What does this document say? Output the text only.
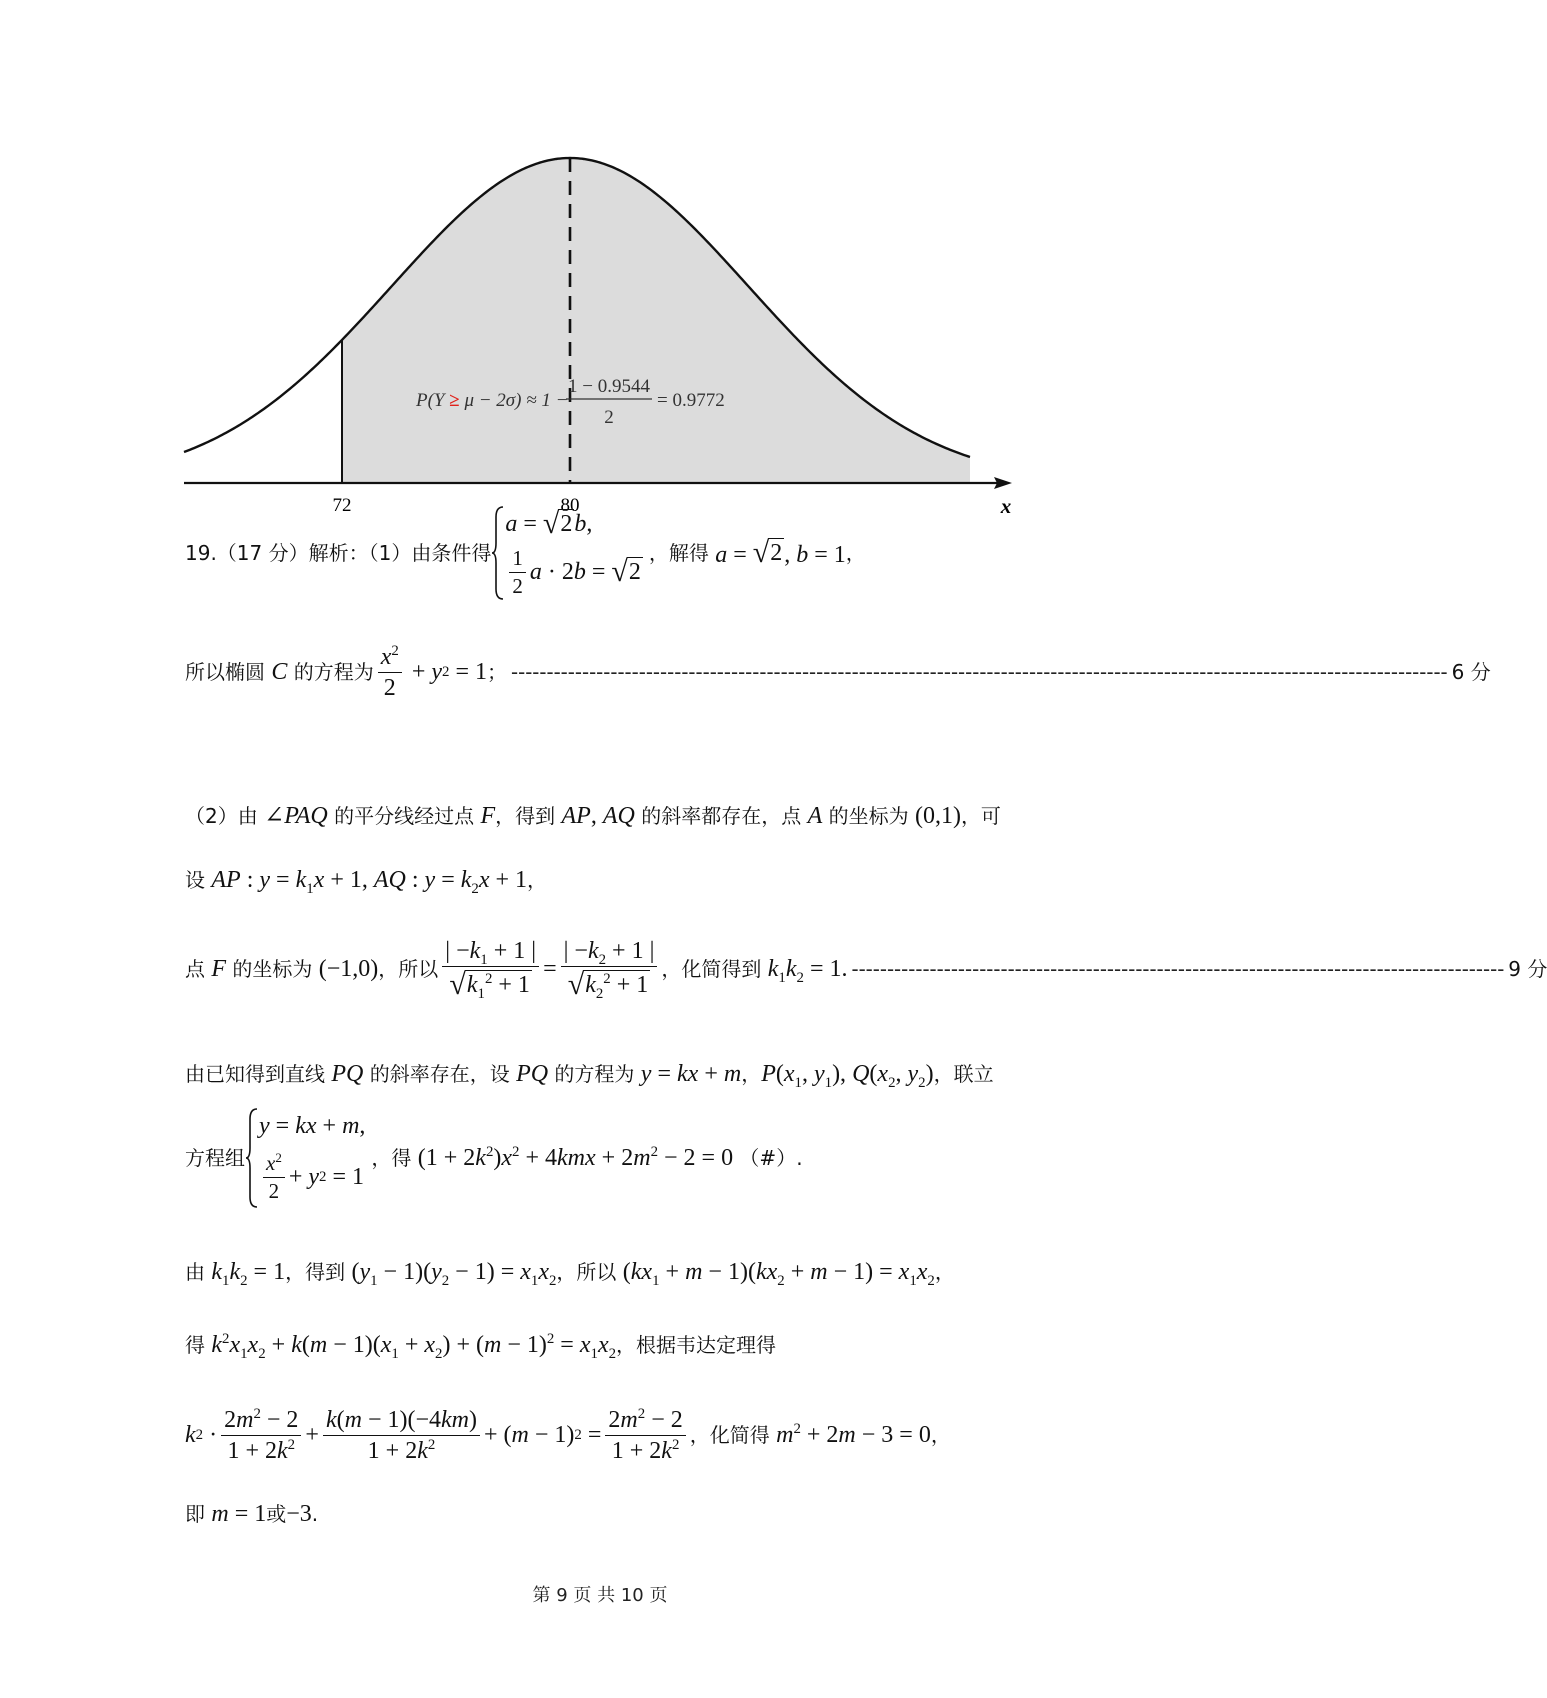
72	80	x
P(Y ≥ μ − 2σ) ≈ 1 −
1 − 0.9544
2
= 0.9772
19.（17 分）解析：（1）由条件得
a = √ 2 b ,
$\frac{1}{2}$ a · 2 b = √ 2
，解得 a = √ 2 , b = 1 ，
所以椭圆 C 的方程为 $\frac{x^2}{2} + y$ 2 = 1 ； ------------------------------------------------------------------------------------------------------------------------------------ 6 分
（2）由 ∠PAQ 的平分线经过点 F ，得到 AP, AQ 的斜率都存在，点 A 的坐标为 (0,1) ，可
设 AP : $y = k_1x + 1$, AQ : $y = k_2x + 1$ ，
点 F 的坐标为 (−1,0) ，所以 $\frac{| -k_1 + 1 |}{√ k_1^2 + 1} = \frac{| -k_2 + 1 |}{√ k_2^2 + 1}$ ，化简得到 $k_1k_2 = 1$. -------------------------------------------------------------------------------------------- 9 分
由已知得到直线 PQ 的斜率存在，设 PQ 的方程为 y = kx + m ， $P(x_1$, $y_1$), $Q(x_2$, $y_2$) ，联立
方程组
y = kx + m ,
$\frac{x^2}{2} + y$ 2 = 1
，得 $(1 + 2k^2)x^2 + 4kmx + 2m^2 - 2 = 0$ （#）.
由 $k_1k_2 = 1$ ，得到 $(y_1 - 1)(y_2 - 1) = x_1x_2$ ，所以 $(kx_1 + m - 1)(kx_2 + m - 1) = x_1x_2$ ，
得 $k^2x_1x_2 + k(m - 1)(x_1 + x_2) + (m - 1)^2 = x_1x_2$ ，根据韦达定理得
k $2 \cdot \frac{2m^2 - 2}{1 + 2k^2} + \frac{k(m - 1)(-4km)}{1 + 2k^2}$ + ( m − 1) $2 = \frac{2m^2 - 2}{1 + 2k^2}$ ，化简得 $m^2 + 2m - 3 = 0$ ，
即 m = 1 或 −3 .
第 9 页 共 10 页
